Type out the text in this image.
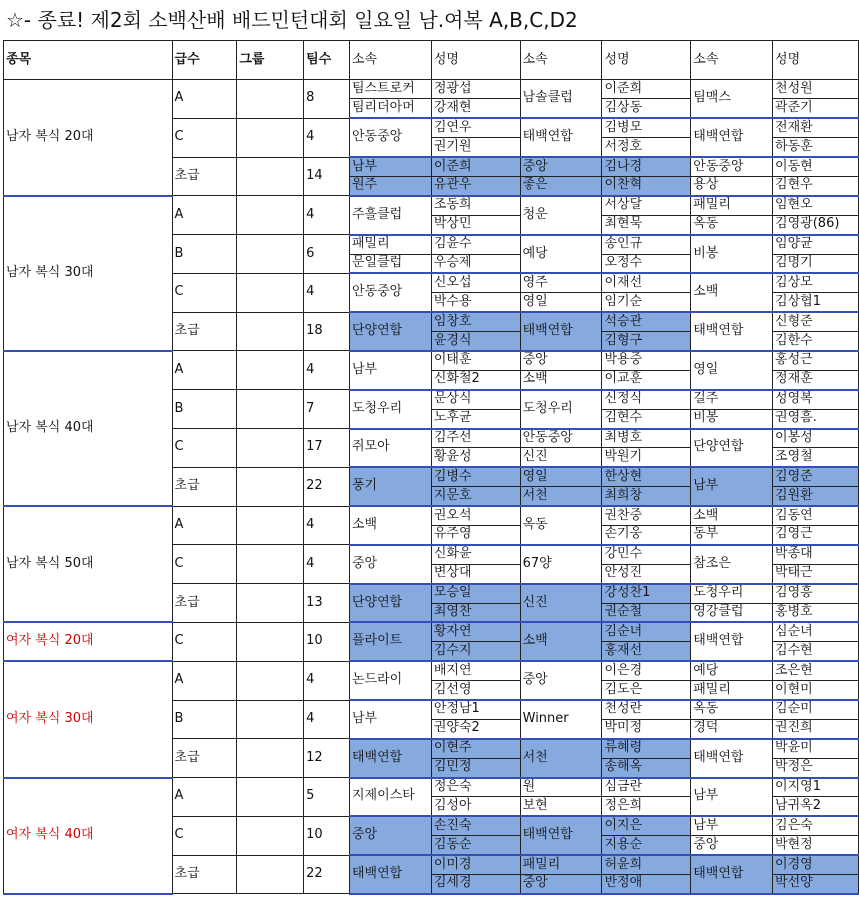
☆- 종료! 제2회 소백산배 배드민턴대회 일요일 남.여복 A,B,C,D2
종목	급수	그룹	팀수	소속	성명	소속	성명	소속	성명

남자 복식 20대	A		8	팀스트로커	정광섭	남솔클럽	이준희	팀맥스	천성원
				팀리더아머	강재현		김상동		곽준기
	C		4	안동중앙	김연우	태백연합	김병모	태백연합	전재환
					권기원		서정호		하동훈
	초급		14	남부	이준희	중앙	김나경	안동중앙	이동현
				원주	유관우	좋은	이찬혁	용상	김현우
남자 복식 30대	A		4	주흘클럽	조동희	청운	서상달	패밀리	임현오
					박상민		최현묵	옥동	김영광(86)
	B		6	패밀리	김윤수	예당	송인규	비봉	임양균
				문일클럽	우승제		오정수		김명기
	C		4	안동중앙	신오섭	영주	이재선	소백	김상모
					박수용	영일	임기순		김상협1
	초급		18	단양연합	임창호	태백연합	석승관	태백연합	신형준
					윤경식		김형구		김한수
남자 복식 40대	A		4	남부	이태훈	중앙	박용중	영일	홍성근
					신화철2	소백	이교훈		정재훈
	B		7	도청우리	문상식	도청우리	신정식	길주	성영복
					노후균		김현수	비봉	권영흠.
	C		17	쥐모아	김주선	안동중앙	최병호	단양연합	이봉성
					황윤성	신진	박원기		조영철
	초급		22	풍기	김병수	영일	한상현	남부	김영준
					지문호	서천	최희창		김원환
남자 복식 50대	A		4	소백	권오석	옥동	권찬중	소백	김동연
					유주영		손기웅	동부	김영근
	C		4	중앙	신화윤	67양	강민수	참조은	박종대
					변상대		안성진		박태근
	초급		13	단양연합	모승일	신진	강성찬1	도청우리	김영흥
					최영찬		권순철	영강클럽	홍병호
여자 복식 20대	C		10	플라이트	황자연	소백	김순녀	태백연합	심순녀
					김수지		홍재선		김수현
여자 복식 30대	A		4	논드라이	배지연	중앙	이은경	예당	조은현
					김선영		김도은	패밀리	이현미
	B		4	남부	안정남1	Winner	천성란	옥동	김순미
					권양숙2		박미정	경덕	권진희
	초급		12	태백연합	이현주	서천	류혜령	태백연합	박윤미
					김민정		송해옥		박정은
여자 복식 40대	A		5	지제이스타	정은숙	원	심금란	남부	이지영1
					김성아	보현	정은희		남귀옥2
	C		10	중앙	손진숙	태백연합	이지은	남부	김은숙
					김동순		지용순	중앙	박현정
	초급		22	태백연합	이미경	패밀리	허윤희	태백연합	이경영
					김세경	중앙	반정애		박선양
